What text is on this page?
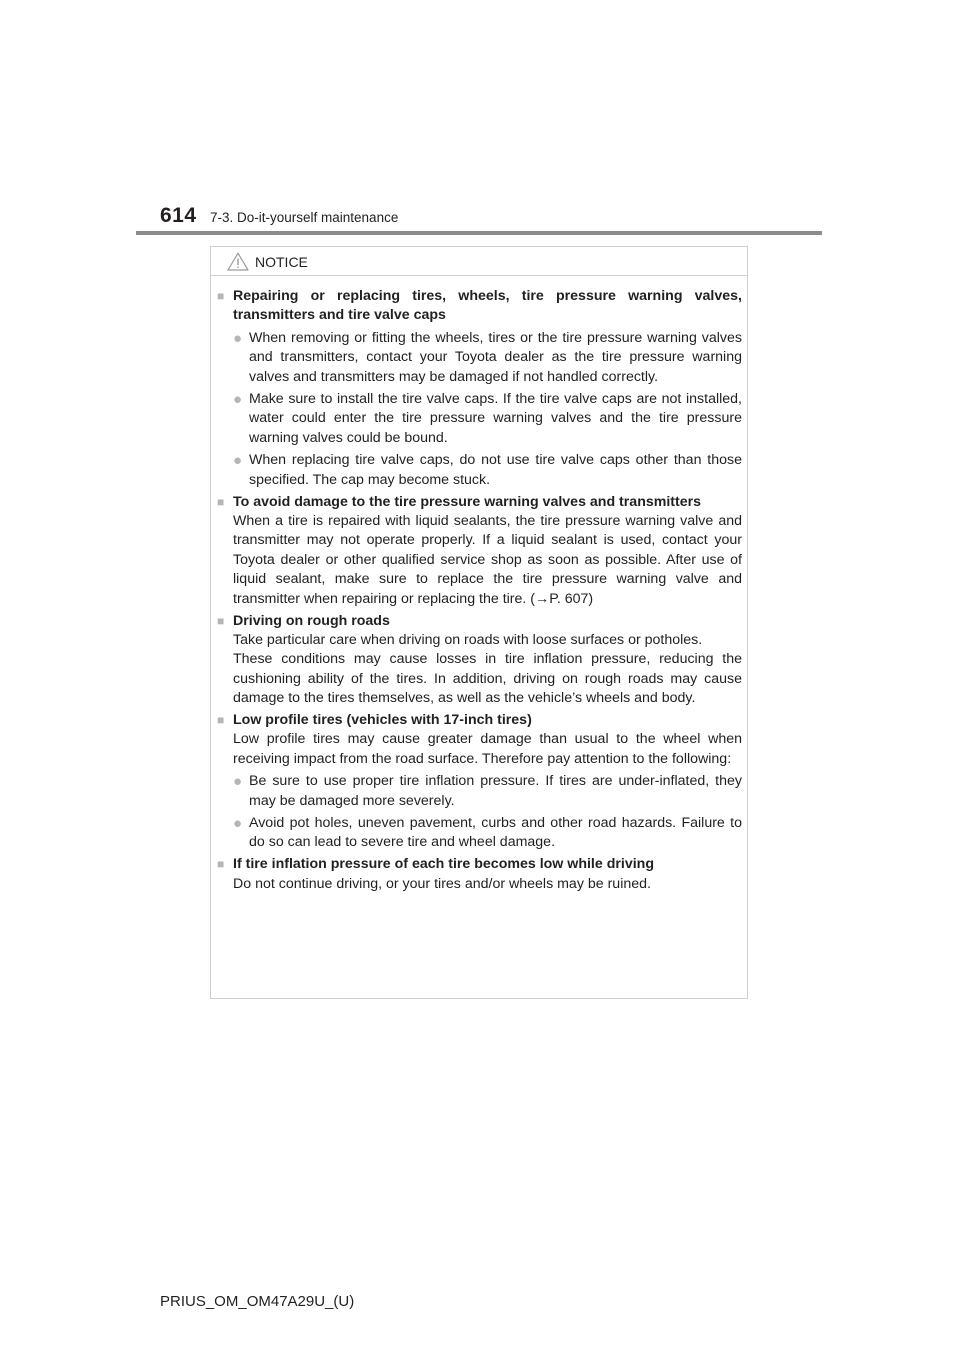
614 7-3. Do-it-yourself maintenance
NOTICE
■ Repairing or replacing tires, wheels, tire pressure warning valves, transmitters and tire valve caps
● When removing or fitting the wheels, tires or the tire pressure warning valves and transmitters, contact your Toyota dealer as the tire pressure warning valves and transmitters may be damaged if not handled correctly.
● Make sure to install the tire valve caps. If the tire valve caps are not installed, water could enter the tire pressure warning valves and the tire pressure warning valves could be bound.
● When replacing tire valve caps, do not use tire valve caps other than those specified. The cap may become stuck.
■ To avoid damage to the tire pressure warning valves and transmitters
When a tire is repaired with liquid sealants, the tire pressure warning valve and transmitter may not operate properly. If a liquid sealant is used, contact your Toyota dealer or other qualified service shop as soon as possible. After use of liquid sealant, make sure to replace the tire pressure warning valve and transmitter when repairing or replacing the tire. (→P. 607)
■ Driving on rough roads
Take particular care when driving on roads with loose surfaces or potholes.
These conditions may cause losses in tire inflation pressure, reducing the cushioning ability of the tires. In addition, driving on rough roads may cause damage to the tires themselves, as well as the vehicle’s wheels and body.
■ Low profile tires (vehicles with 17-inch tires)
Low profile tires may cause greater damage than usual to the wheel when receiving impact from the road surface. Therefore pay attention to the following:
● Be sure to use proper tire inflation pressure. If tires are under-inflated, they may be damaged more severely.
● Avoid pot holes, uneven pavement, curbs and other road hazards. Failure to do so can lead to severe tire and wheel damage.
■ If tire inflation pressure of each tire becomes low while driving
Do not continue driving, or your tires and/or wheels may be ruined.
PRIUS_OM_OM47A29U_(U)
